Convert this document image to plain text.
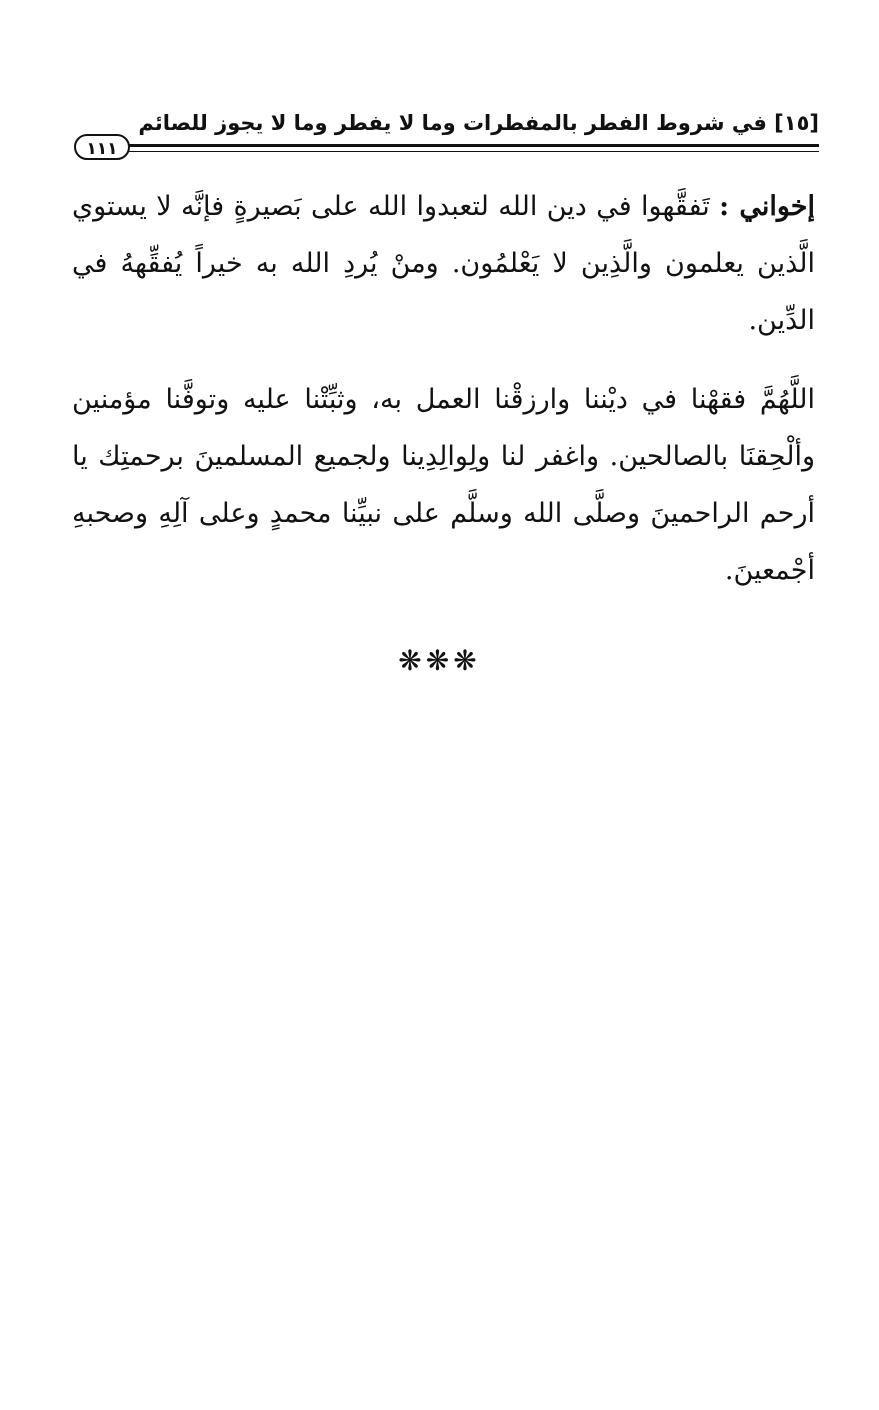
[١٥] في شروط الفطر بالمفطرات وما لا يفطر وما لا يجوز للصائم
١١١

إخواني : تَفقَّهوا في دين الله لتعبدوا الله على بَصيرةٍ فإنَّه لا يستوي الَّذين يعلمون والَّذِين لا يَعْلمُون. ومنْ يُردِ الله به خيراً يُفقِّههُ في الدِّين.

اللَّهُمَّ فقهْنا في ديْننا وارزقْنا العمل به، وثبِّتْنا عليه وتوفَّنا مؤمنين وألْحِقنَا بالصالحين. واغفر لنا ولِوالِدِينا ولجميع المسلمينَ برحمتِك يا أرحم الراحمينَ وصلَّى الله وسلَّم على نبيِّنا محمدٍ وعلى آلِهِ وصحبهِ أجْمعينَ.

❋❋❋
